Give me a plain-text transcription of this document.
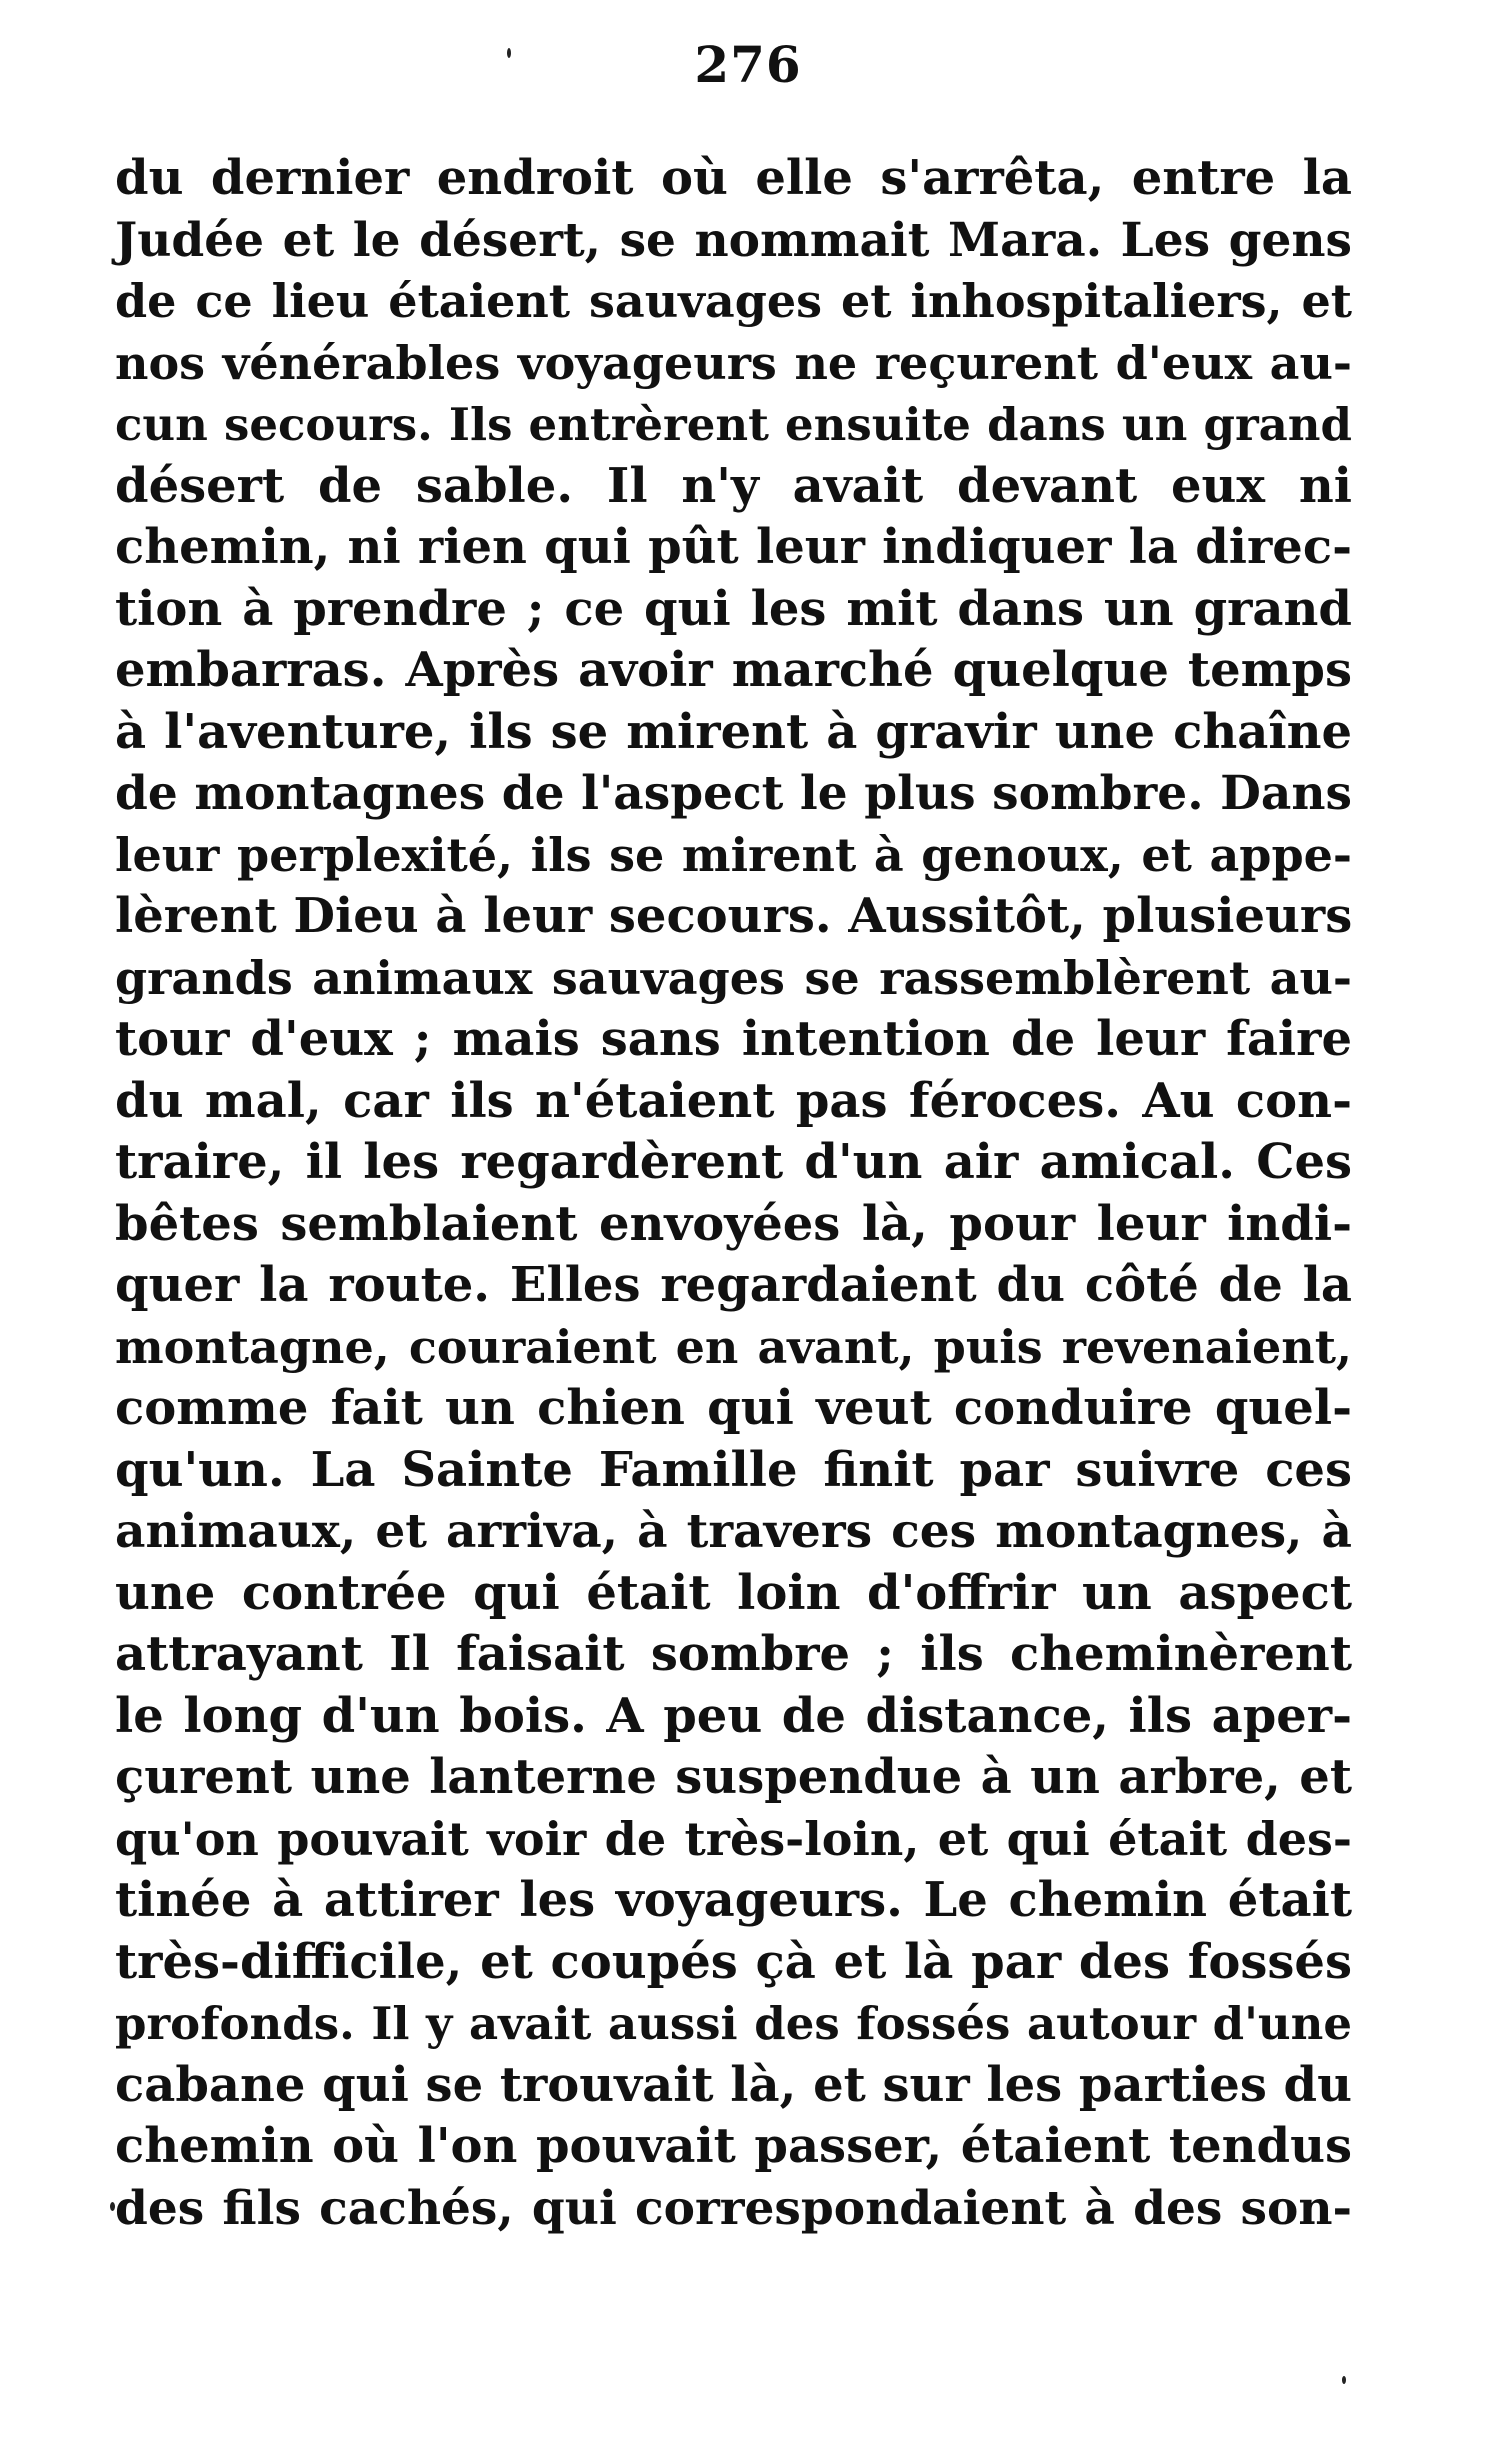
276
du dernier endroit où elle s'arrêta, entre la
Judée et le désert, se nommait Mara. Les gens
de ce lieu étaient sauvages et inhospitaliers, et
nos vénérables voyageurs ne reçurent d'eux au-
cun secours. Ils entrèrent ensuite dans un grand
désert de sable. Il n'y avait devant eux ni
chemin, ni rien qui pût leur indiquer la direc-
tion à prendre ; ce qui les mit dans un grand
embarras. Après avoir marché quelque temps
à l'aventure, ils se mirent à gravir une chaîne
de montagnes de l'aspect le plus sombre. Dans
leur perplexité, ils se mirent à genoux, et appe-
lèrent Dieu à leur secours. Aussitôt, plusieurs
grands animaux sauvages se rassemblèrent au-
tour d'eux ; mais sans intention de leur faire
du mal, car ils n'étaient pas féroces. Au con-
traire, il les regardèrent d'un air amical. Ces
bêtes semblaient envoyées là, pour leur indi-
quer la route. Elles regardaient du côté de la
montagne, couraient en avant, puis revenaient,
comme fait un chien qui veut conduire quel-
qu'un. La Sainte Famille finit par suivre ces
animaux, et arriva, à travers ces montagnes, à
une contrée qui était loin d'offrir un aspect
attrayant Il faisait sombre ; ils cheminèrent
le long d'un bois. A peu de distance, ils aper-
çurent une lanterne suspendue à un arbre, et
qu'on pouvait voir de très-loin, et qui était des-
tinée à attirer les voyageurs. Le chemin était
très-difficile, et coupés çà et là par des fossés
profonds. Il y avait aussi des fossés autour d'une
cabane qui se trouvait là, et sur les parties du
chemin où l'on pouvait passer, étaient tendus
des fils cachés, qui correspondaient à des son-
